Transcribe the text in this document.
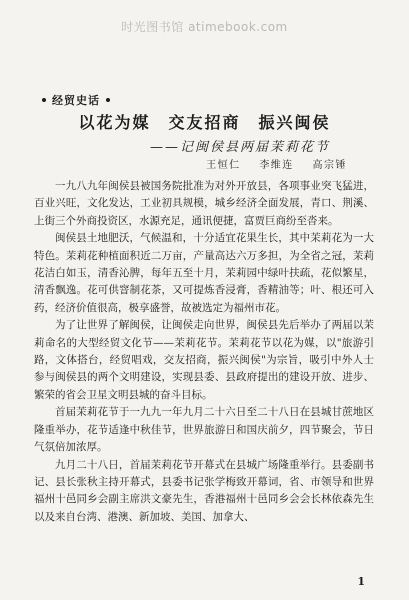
时光图书馆 atimebook.com
经贸史话
以花为媒　交友招商　振兴闽侯
——记闽侯县两届茉莉花节
王恒仁 李维连 高宗锤

一九八九年闽侯县被国务院批准为对外开放县，各项事业突飞猛进，百业兴旺，文化发达，工业初具规模，城乡经济全面发展，青口、荆溪、上街三个外商投资区，水源充足，通讯便捷，富贾巨商纷至沓来。

闽侯县土地肥沃，气候温和，十分适宜花果生长，其中茉莉花为一大特色。茉莉花种植面积近二万亩，产量高达六万多担，为全省之冠，茉莉花洁白如玉，清香沁脾，每年五至十月，茉莉园中绿叶扶疏，花似繁星，清香飘逸。花可供窨制花茶，又可提炼香浸膏，香精油等；叶、根还可入药，经济价值很高，极享盛誉，故被选定为福州市花。

为了让世界了解闽侯，让闽侯走向世界，闽侯县先后举办了两届以茉莉命名的大型经贸文化节——茉莉花节。茉莉花节以花为媒，以"旅游引路，文体搭台，经贸唱戏，交友招商，振兴闽侯"为宗旨，吸引中外人士参与闽侯县的两个文明建设，实现县委、县政府提出的建设开放、进步、繁荣的省会卫星文明县城的奋斗目标。

首届茉莉花节于一九九一年九月二十六日至二十八日在县城甘蔗地区隆重举办，花节适逢中秋佳节，世界旅游日和国庆前夕，四节聚会，节日气氛倍加浓厚。

九月二十八日，首届茉莉花节开幕式在县城广场隆重举行。县委副书记、县长张秋主持开幕式，县委书记张学梅致开幕词，省、市领导和世界福州十邑同乡会副主席洪文豪先生，香港福州十邑同乡会会长林依森先生以及来自台湾、港澳、新加坡、美国、加拿大、

1
